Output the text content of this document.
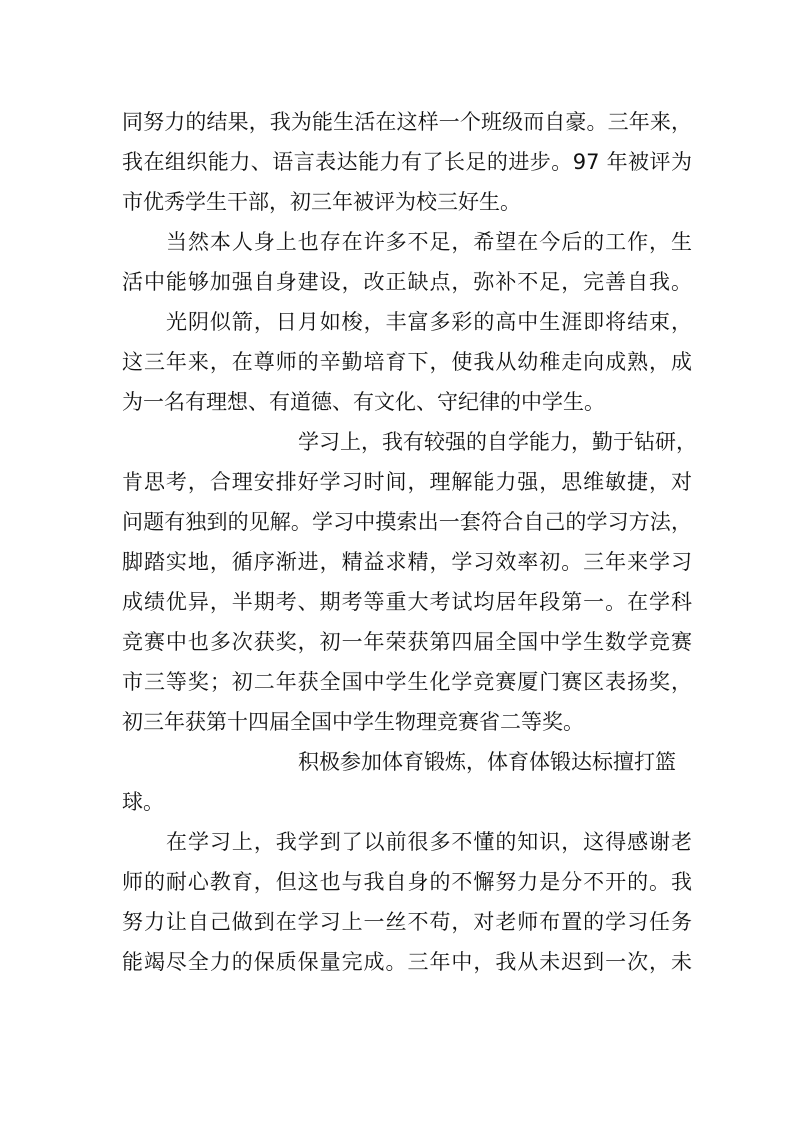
同努力的结果，我为能生活在这样一个班级而自豪。三年来，
我在组织能力、语言表达能力有了长足的进步。97 年被评为
市优秀学生干部，初三年被评为校三好生。
当然本人身上也存在许多不足，希望在今后的工作，生
活中能够加强自身建设，改正缺点，弥补不足，完善自我。
光阴似箭，日月如梭，丰富多彩的高中生涯即将结束，
这三年来，在尊师的辛勤培育下，使我从幼稚走向成熟，成
为一名有理想、有道德、有文化、守纪律的中学生。
学习上，我有较强的自学能力，勤于钻研，
肯思考，合理安排好学习时间，理解能力强，思维敏捷，对
问题有独到的见解。学习中摸索出一套符合自己的学习方法，
脚踏实地，循序渐进，精益求精，学习效率初。三年来学习
成绩优异，半期考、期考等重大考试均居年段第一。在学科
竞赛中也多次获奖，初一年荣获第四届全国中学生数学竞赛
市三等奖；初二年获全国中学生化学竞赛厦门赛区表扬奖，
初三年获第十四届全国中学生物理竞赛省二等奖。
积极参加体育锻炼，体育体锻达标擅打篮
球。
在学习上，我学到了以前很多不懂的知识，这得感谢老
师的耐心教育，但这也与我自身的不懈努力是分不开的。我
努力让自己做到在学习上一丝不苟，对老师布置的学习任务
能竭尽全力的保质保量完成。三年中，我从未迟到一次，未
